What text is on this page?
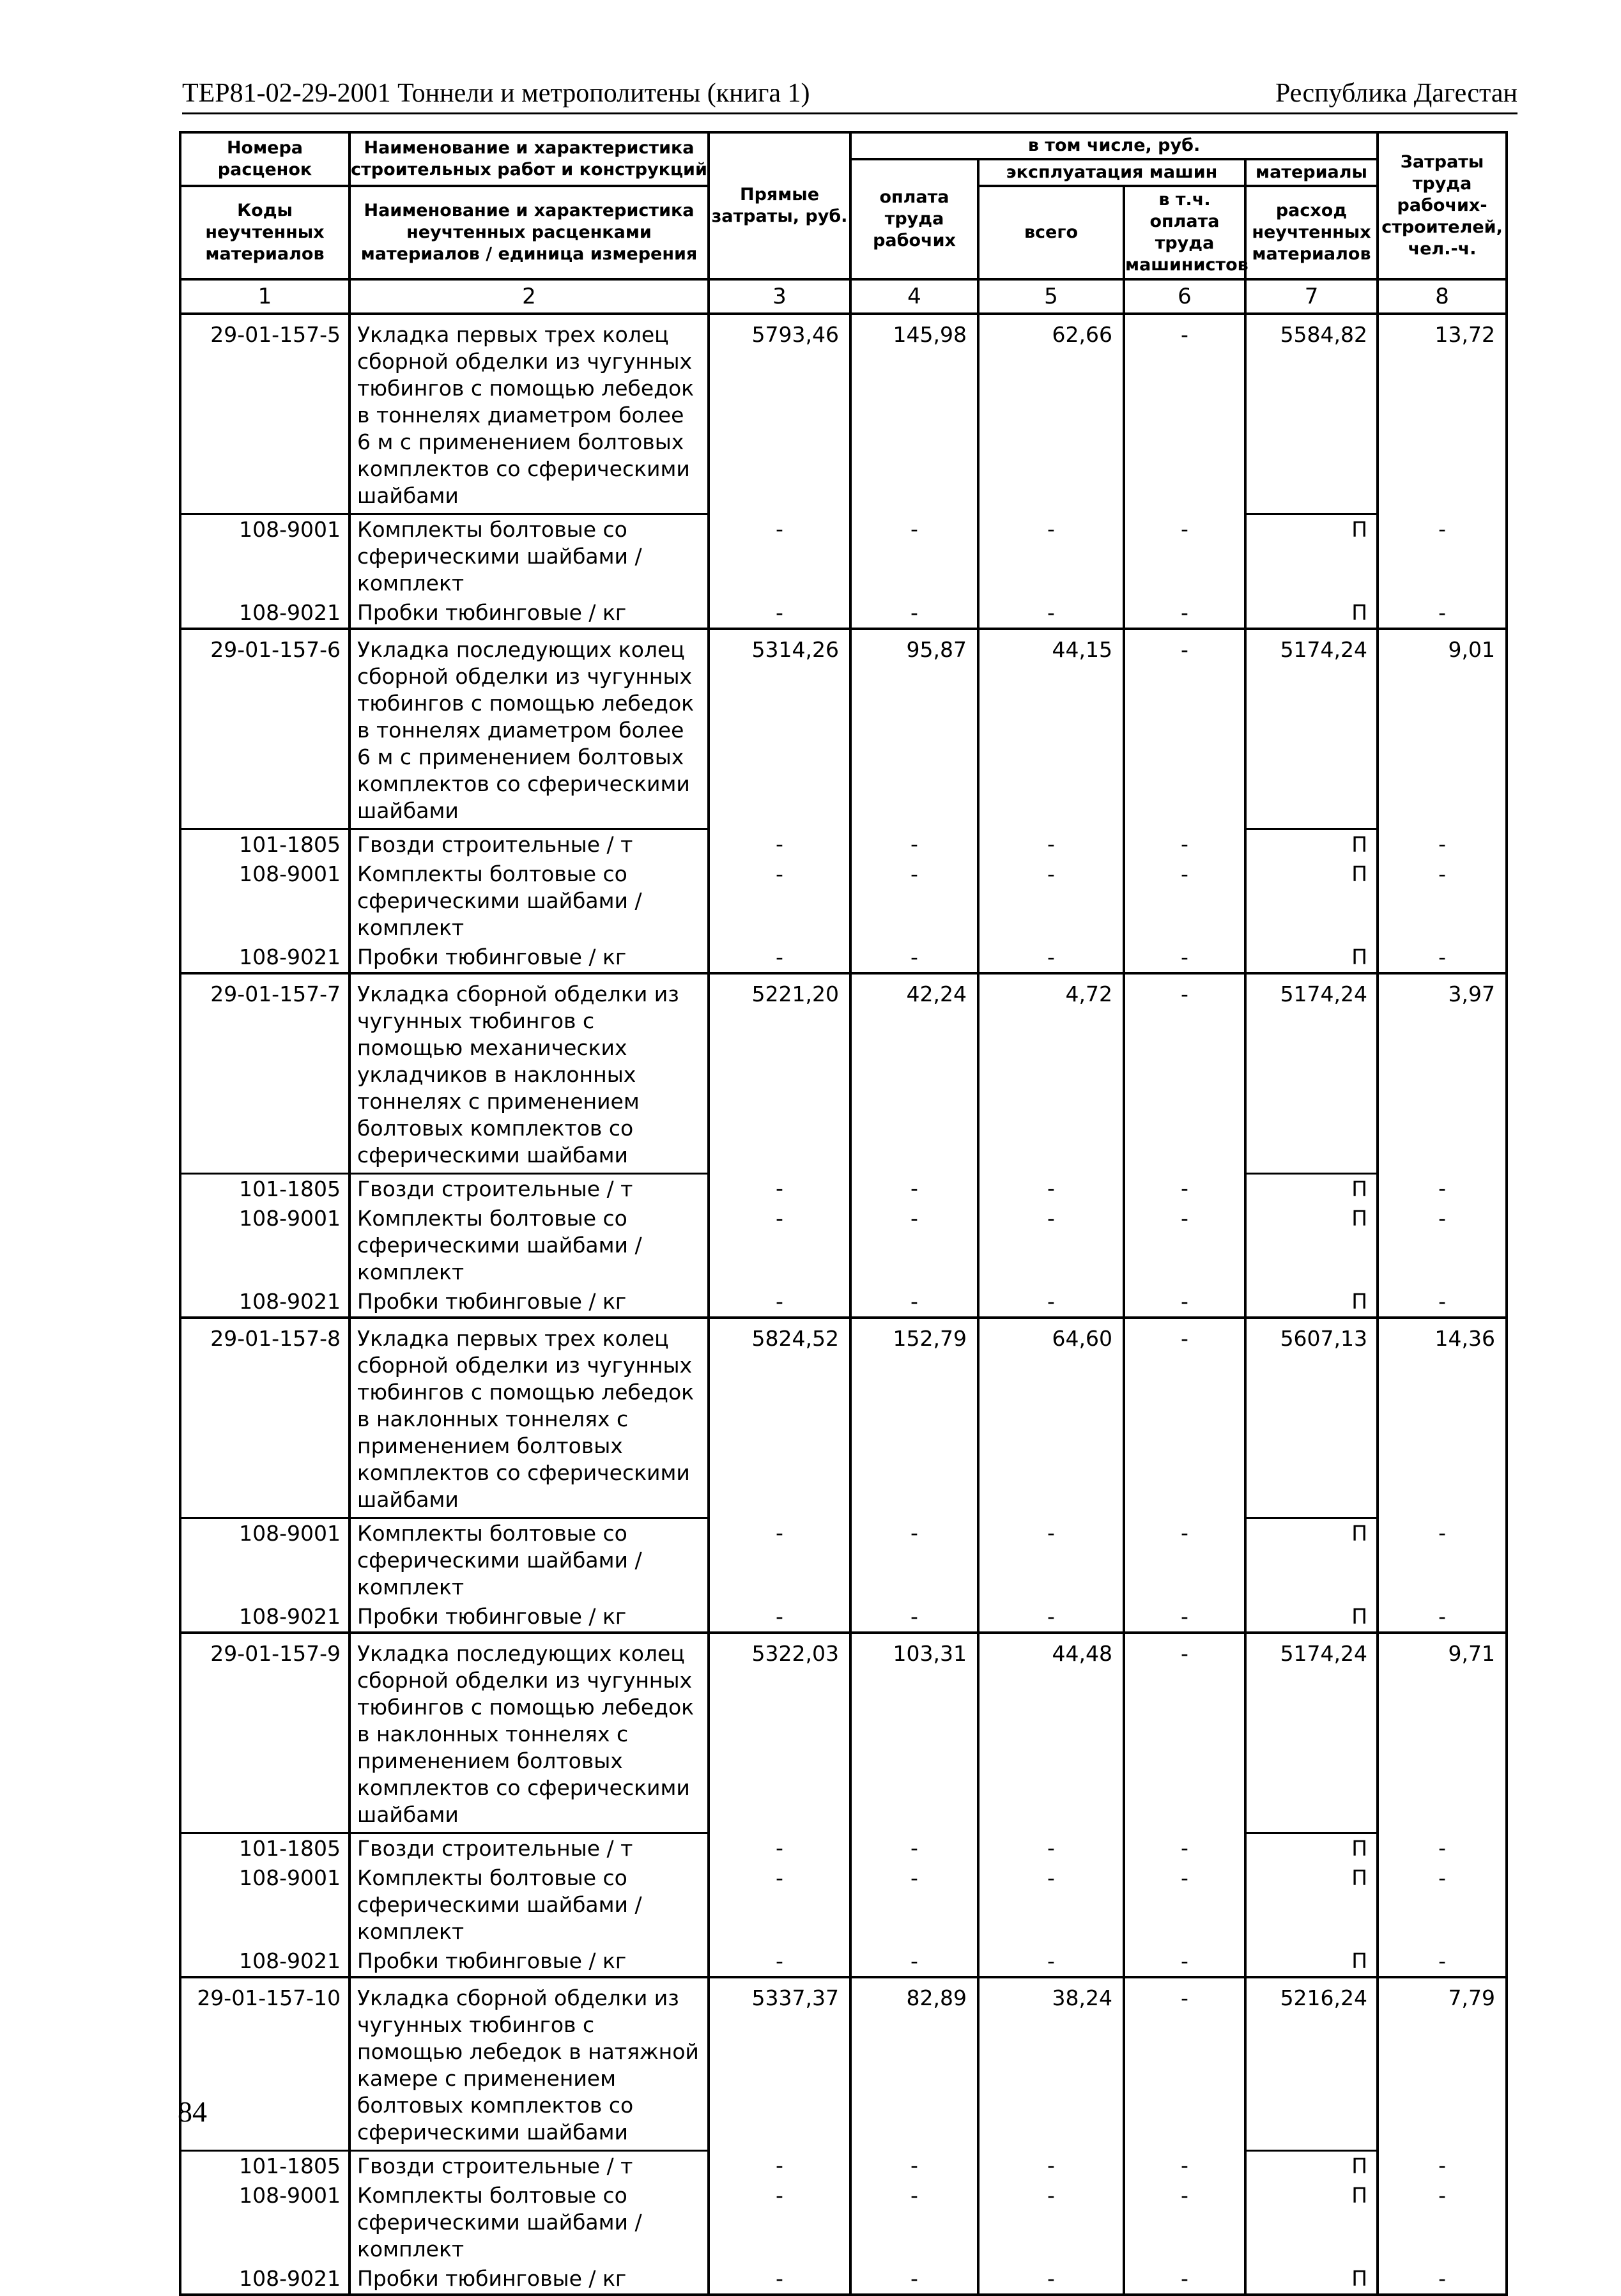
ТЕР81-02-29-2001 Тоннели и метрополитены (книга 1)	Республика Дагестан
Номера расценок	Наименование и характеристика строительных работ и конструкций	Прямые затраты, руб.	в том числе, руб.				Затраты труда рабочих-строителей, чел.-ч.
			оплата труда рабочих	эксплуатация машин		материалы	
Коды неучтенных материалов	Наименование и характеристика неучтенных расценками материалов / единица измерения			всего	в т.ч. оплата труда машинистов	расход неучтенных материалов	

1	2	3	4	5	6	7	8
29-01-157-5	Укладка первых трех колец сборной обделки из чугунных тюбингов с помощью лебедок в тоннелях диаметром более 6 м с применением болтовых комплектов со сферическими шайбами	5793,46	145,98	62,66	-	5584,82	13,72
108-9001	Комплекты болтовые со сферическими шайбами / комплект	-	-	-	-	П	-
108-9021	Пробки тюбинговые / кг	-	-	-	-	П	-
29-01-157-6	Укладка последующих колец сборной обделки из чугунных тюбингов с помощью лебедок в тоннелях диаметром более 6 м с применением болтовых комплектов со сферическими шайбами	5314,26	95,87	44,15	-	5174,24	9,01
101-1805	Гвозди строительные / т	-	-	-	-	П	-
108-9001	Комплекты болтовые со сферическими шайбами / комплект	-	-	-	-	П	-
108-9021	Пробки тюбинговые / кг	-	-	-	-	П	-
29-01-157-7	Укладка сборной обделки из чугунных тюбингов с помощью механических укладчиков в наклонных тоннелях с применением болтовых комплектов со сферическими шайбами	5221,20	42,24	4,72	-	5174,24	3,97
101-1805	Гвозди строительные / т	-	-	-	-	П	-
108-9001	Комплекты болтовые со сферическими шайбами / комплект	-	-	-	-	П	-
108-9021	Пробки тюбинговые / кг	-	-	-	-	П	-
29-01-157-8	Укладка первых трех колец сборной обделки из чугунных тюбингов с помощью лебедок в наклонных тоннелях с применением болтовых комплектов со сферическими шайбами	5824,52	152,79	64,60	-	5607,13	14,36
108-9001	Комплекты болтовые со сферическими шайбами / комплект	-	-	-	-	П	-
108-9021	Пробки тюбинговые / кг	-	-	-	-	П	-
29-01-157-9	Укладка последующих колец сборной обделки из чугунных тюбингов с помощью лебедок в наклонных тоннелях с применением болтовых комплектов со сферическими шайбами	5322,03	103,31	44,48	-	5174,24	9,71
101-1805	Гвозди строительные / т	-	-	-	-	П	-
108-9001	Комплекты болтовые со сферическими шайбами / комплект	-	-	-	-	П	-
108-9021	Пробки тюбинговые / кг	-	-	-	-	П	-
29-01-157-10	Укладка сборной обделки из чугунных тюбингов с помощью лебедок в натяжной камере с применением болтовых комплектов со сферическими шайбами	5337,37	82,89	38,24	-	5216,24	7,79
101-1805	Гвозди строительные / т	-	-	-	-	П	-
108-9001	Комплекты болтовые со сферическими шайбами / комплект	-	-	-	-	П	-
108-9021	Пробки тюбинговые / кг	-	-	-	-	П	-
84
